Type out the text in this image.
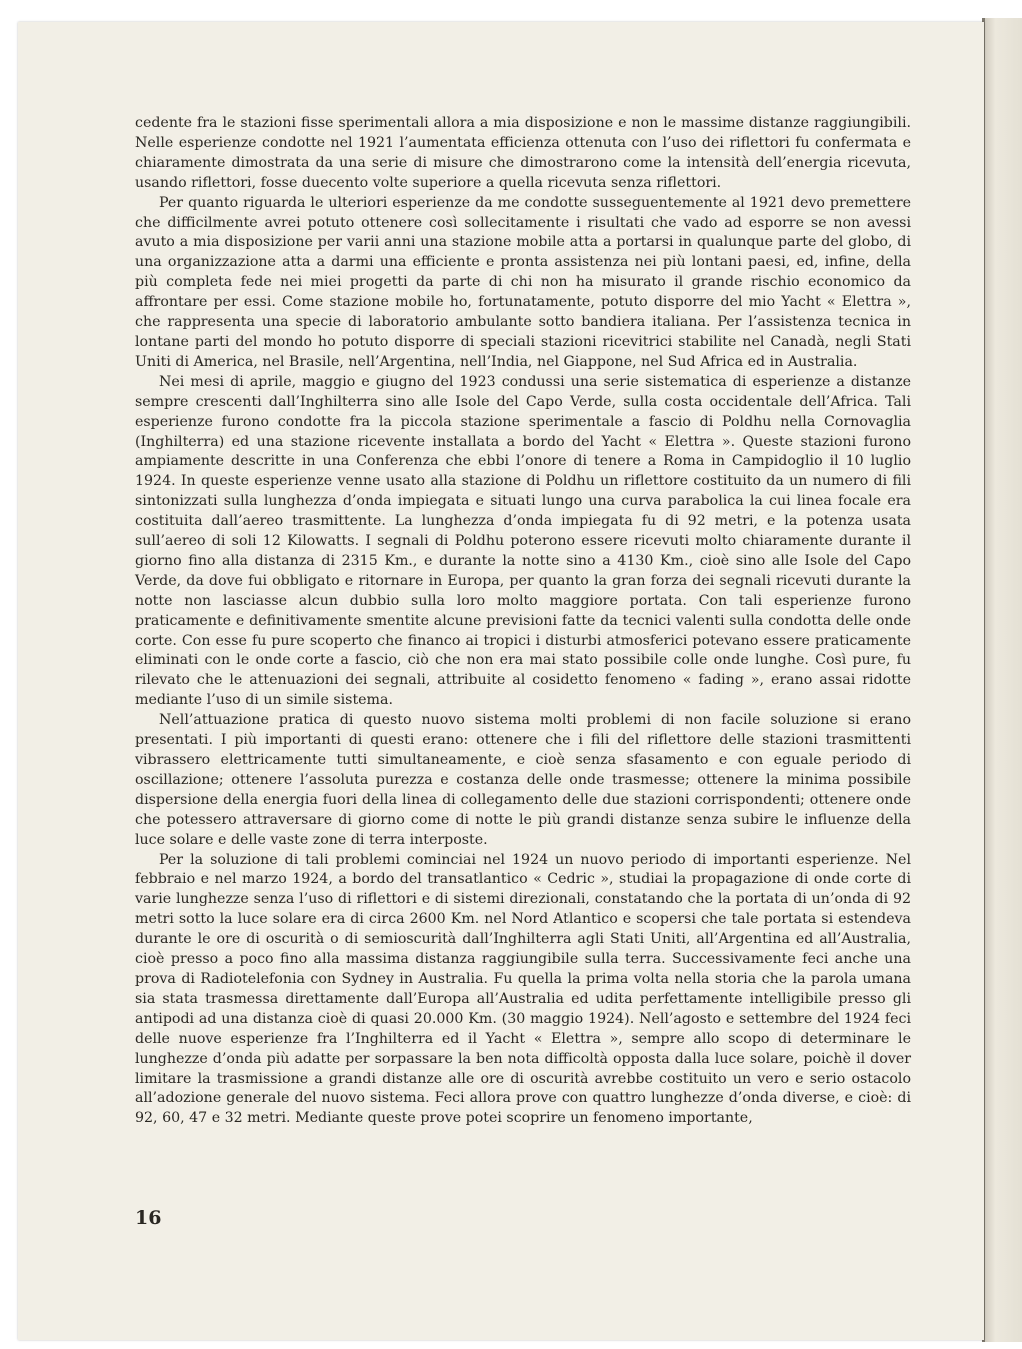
cedente fra le stazioni fisse sperimentali allora a mia disposizione e non le massime distanze raggiungibili. Nelle esperienze condotte nel 1921 l’aumentata efficienza ottenuta con l’uso dei riflettori fu confermata e chiaramente dimostrata da una serie di misure che dimostrarono come la intensità dell’energia ricevuta, usando riflettori, fosse duecento volte superiore a quella ricevuta senza riflettori.

Per quanto riguarda le ulteriori esperienze da me condotte susseguentemente al 1921 devo premettere che difficilmente avrei potuto ottenere così sollecitamente i risultati che vado ad esporre se non avessi avuto a mia disposizione per varii anni una stazione mobile atta a portarsi in qualunque parte del globo, di una organizzazione atta a darmi una efficiente e pronta assistenza nei più lontani paesi, ed, infine, della più completa fede nei miei progetti da parte di chi non ha misurato il grande rischio economico da affrontare per essi. Come stazione mobile ho, fortunatamente, potuto disporre del mio Yacht « Elettra », che rappresenta una specie di laboratorio ambulante sotto bandiera italiana. Per l’assistenza tecnica in lontane parti del mondo ho potuto disporre di speciali stazioni ricevitrici stabilite nel Canadà, negli Stati Uniti di America, nel Brasile, nell’Argentina, nell’India, nel Giappone, nel Sud Africa ed in Australia.

Nei mesi di aprile, maggio e giugno del 1923 condussi una serie sistematica di esperienze a distanze sempre crescenti dall’Inghilterra sino alle Isole del Capo Verde, sulla costa occidentale dell’Africa. Tali esperienze furono condotte fra la piccola stazione sperimentale a fascio di Poldhu nella Cornovaglia (Inghilterra) ed una stazione ricevente installata a bordo del Yacht « Elettra ». Queste stazioni furono ampiamente descritte in una Conferenza che ebbi l’onore di tenere a Roma in Campidoglio il 10 luglio 1924. In queste esperienze venne usato alla stazione di Poldhu un riflettore costituito da un numero di fili sintonizzati sulla lunghezza d’onda impiegata e situati lungo una curva parabolica la cui linea focale era costituita dall’aereo trasmittente. La lunghezza d’onda impiegata fu di 92 metri, e la potenza usata sull’aereo di soli 12 Kilowatts. I segnali di Poldhu poterono essere ricevuti molto chiaramente durante il giorno fino alla distanza di 2315 Km., e durante la notte sino a 4130 Km., cioè sino alle Isole del Capo Verde, da dove fui obbligato e ritornare in Europa, per quanto la gran forza dei segnali ricevuti durante la notte non lasciasse alcun dubbio sulla loro molto maggiore portata. Con tali esperienze furono praticamente e definitivamente smentite alcune previsioni fatte da tecnici valenti sulla condotta delle onde corte. Con esse fu pure scoperto che financo ai tropici i disturbi atmosferici potevano essere praticamente eliminati con le onde corte a fascio, ciò che non era mai stato possibile colle onde lunghe. Così pure, fu rilevato che le attenuazioni dei segnali, attribuite al cosidetto fenomeno « fading », erano assai ridotte mediante l’uso di un simile sistema.

Nell’attuazione pratica di questo nuovo sistema molti problemi di non facile soluzione si erano presentati. I più importanti di questi erano: ottenere che i fili del riflettore delle stazioni trasmittenti vibrassero elettricamente tutti simultaneamente, e cioè senza sfasamento e con eguale periodo di oscillazione; ottenere l’assoluta purezza e costanza delle onde trasmesse; ottenere la minima possibile dispersione della energia fuori della linea di collegamento delle due stazioni corrispondenti; ottenere onde che potessero attraversare di giorno come di notte le più grandi distanze senza subire le influenze della luce solare e delle vaste zone di terra interposte.

Per la soluzione di tali problemi cominciai nel 1924 un nuovo periodo di importanti esperienze. Nel febbraio e nel marzo 1924, a bordo del transatlantico « Cedric », studiai la propagazione di onde corte di varie lunghezze senza l’uso di riflettori e di sistemi direzionali, constatando che la portata di un’onda di 92 metri sotto la luce solare era di circa 2600 Km. nel Nord Atlantico e scopersi che tale portata si estendeva durante le ore di oscurità o di semioscurità dall’Inghilterra agli Stati Uniti, all’Argentina ed all’Australia, cioè presso a poco fino alla massima distanza raggiungibile sulla terra. Successivamente feci anche una prova di Radiotelefonia con Sydney in Australia. Fu quella la prima volta nella storia che la parola umana sia stata trasmessa direttamente dall’Europa all’Australia ed udita perfettamente intelligibile presso gli antipodi ad una distanza cioè di quasi 20.000 Km. (30 maggio 1924). Nell’agosto e settembre del 1924 feci delle nuove esperienze fra l’Inghilterra ed il Yacht « Elettra », sempre allo scopo di determinare le lunghezze d’onda più adatte per sorpassare la ben nota difficoltà opposta dalla luce solare, poichè il dover limitare la trasmissione a grandi distanze alle ore di oscurità avrebbe costituito un vero e serio ostacolo all’adozione generale del nuovo sistema. Feci allora prove con quattro lunghezze d’onda diverse, e cioè: di 92, 60, 47 e 32 metri. Mediante queste prove potei scoprire un fenomeno importante,

16
